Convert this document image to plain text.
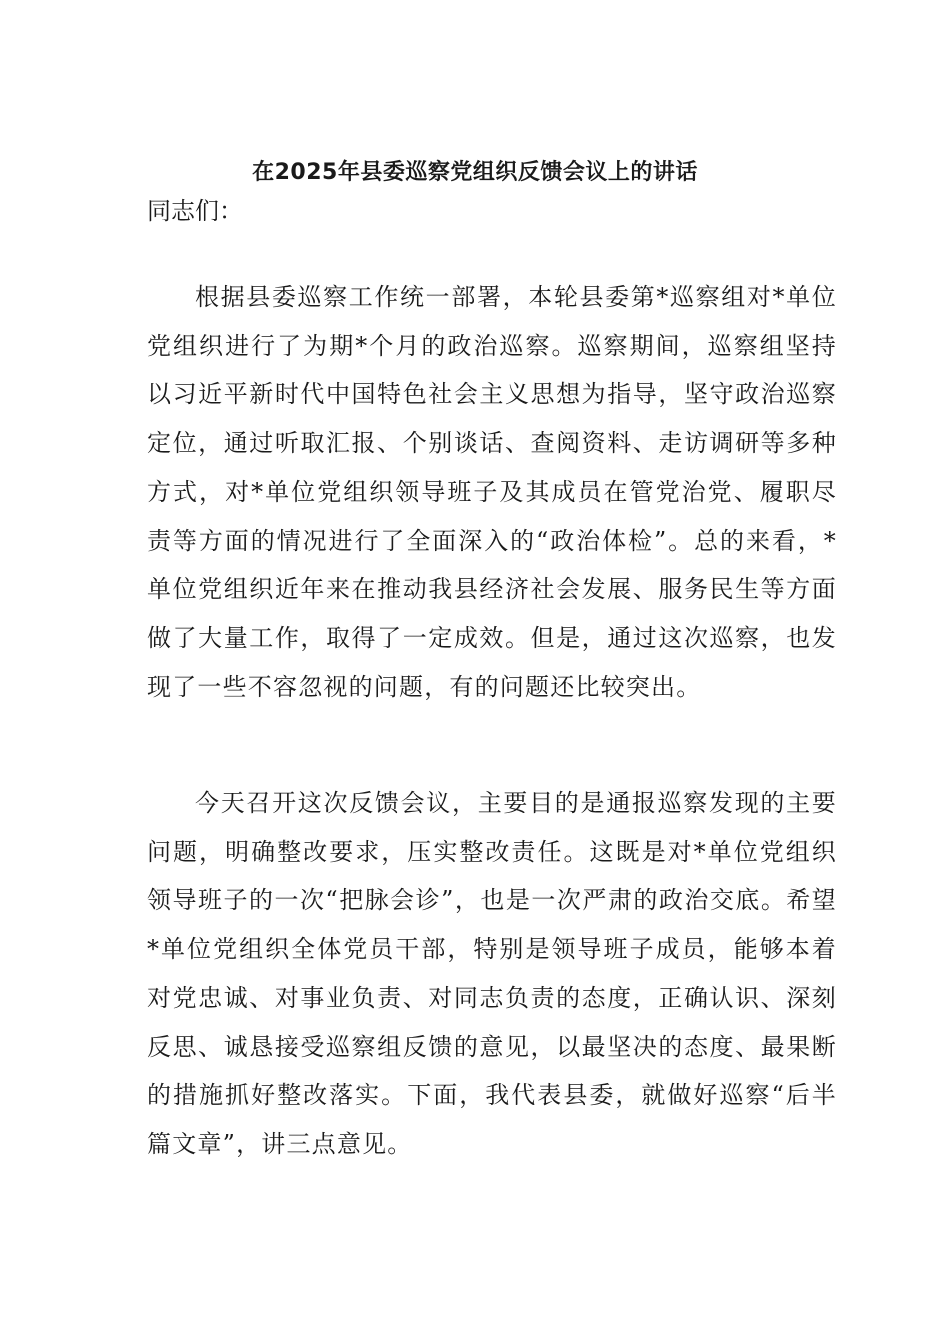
在2025年县委巡察党组织反馈会议上的讲话
同志们：

根据县委巡察工作统一部署，本轮县委第*巡察组对*单位党组织进行了为期*个月的政治巡察。巡察期间，巡察组坚持以习近平新时代中国特色社会主义思想为指导，坚守政治巡察定位，通过听取汇报、个别谈话、查阅资料、走访调研等多种方式，对*单位党组织领导班子及其成员在管党治党、履职尽责等方面的情况进行了全面深入的“政治体检”。总的来看，*单位党组织近年来在推动我县经济社会发展、服务民生等方面做了大量工作，取得了一定成效。但是，通过这次巡察，也发现了一些不容忽视的问题，有的问题还比较突出。

今天召开这次反馈会议，主要目的是通报巡察发现的主要问题，明确整改要求，压实整改责任。这既是对*单位党组织领导班子的一次“把脉会诊”，也是一次严肃的政治交底。希望*单位党组织全体党员干部，特别是领导班子成员，能够本着对党忠诚、对事业负责、对同志负责的态度，正确认识、深刻反思、诚恳接受巡察组反馈的意见，以最坚决的态度、最果断的措施抓好整改落实。下面，我代表县委，就做好巡察“后半篇文章”，讲三点意见。
